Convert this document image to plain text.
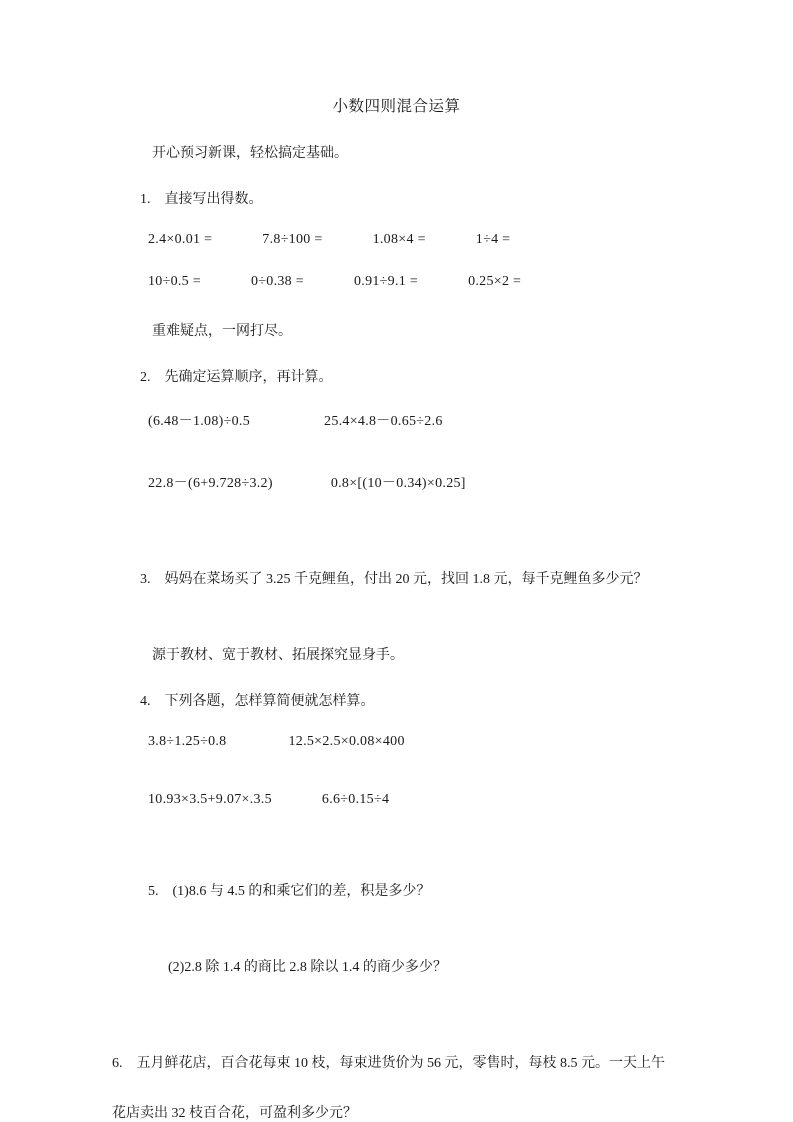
小数四则混合运算
开心预习新课，轻松搞定基础。
1.　直接写出得数。
2.4×0.01 =	7.8÷100 =	1.08×4 =	1÷4 =
10÷0.5 =	0÷0.38 =	0.91÷9.1 =	0.25×2 =
重难疑点，一网打尽。
2.　先确定运算顺序，再计算。
(6.48－1.08)÷0.5	25.4×4.8－0.65÷2.6
22.8－(6+9.728÷3.2)	0.8×[(10－0.34)×0.25]
3.　妈妈在菜场买了 3.25 千克鲤鱼，付出 20 元，找回 1.8 元，每千克鲤鱼多少元？
源于教材、宽于教材、拓展探究显身手。
4.　下列各题，怎样算简便就怎样算。
3.8÷1.25÷0.8	12.5×2.5×0.08×400
10.93×3.5+9.07×.3.5	6.6÷0.15÷4
5.　(1)8.6 与 4.5 的和乘它们的差，积是多少？
(2)2.8 除 1.4 的商比 2.8 除以 1.4 的商少多少？
6.　五月鲜花店，百合花每束 10 枝，每束进货价为 56 元，零售时，每枝 8.5 元。一天上午
花店卖出 32 枝百合花，可盈利多少元？
